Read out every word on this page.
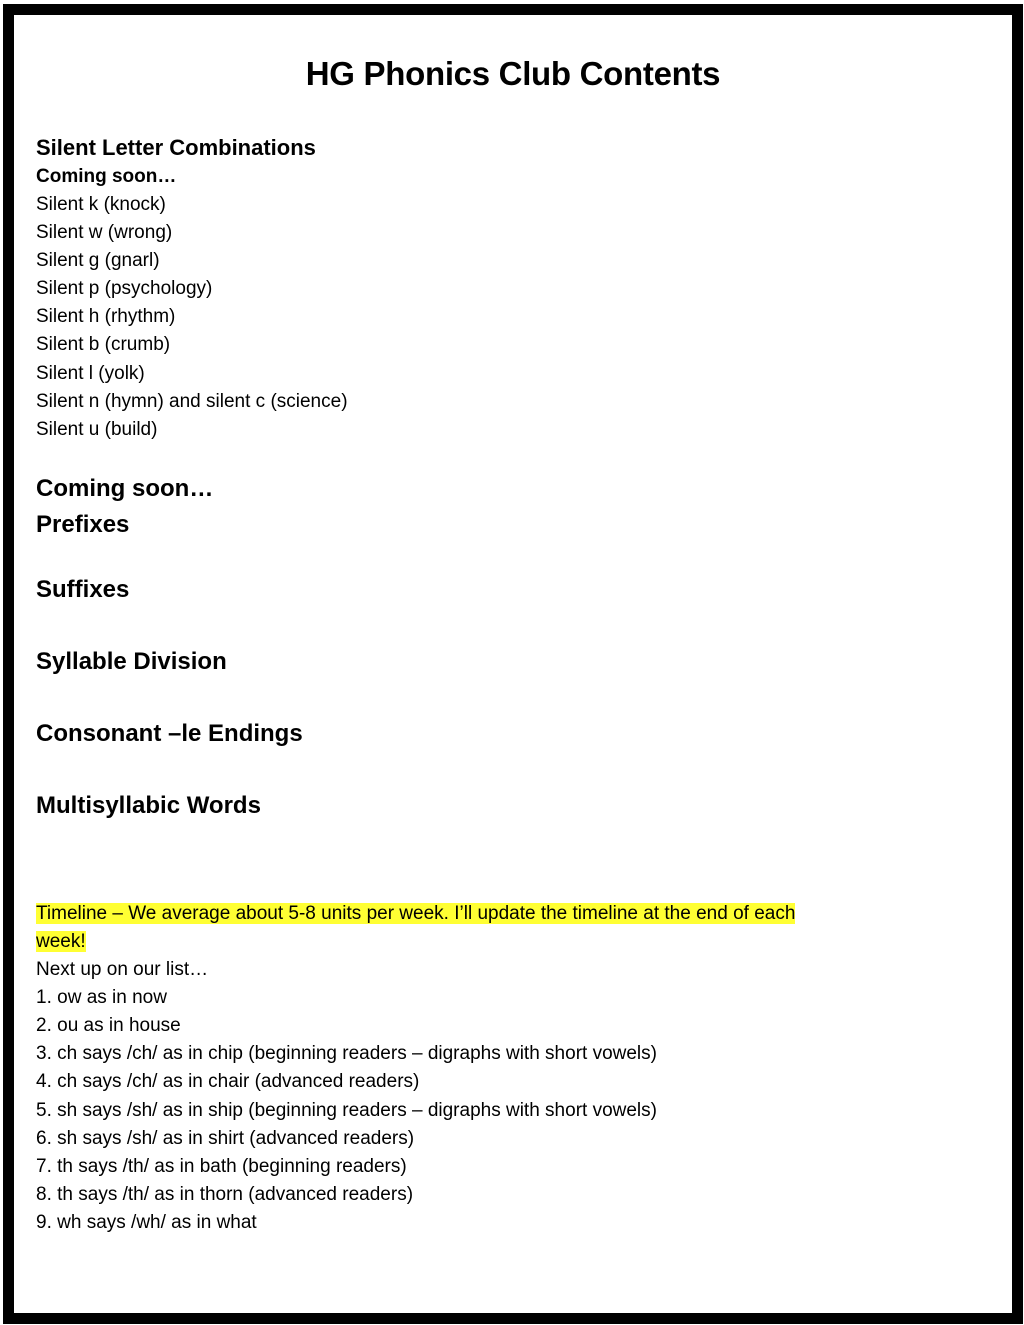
HG Phonics Club Contents
Silent Letter Combinations
Coming soon…
Silent k (knock)
Silent w (wrong)
Silent g (gnarl)
Silent p (psychology)
Silent h (rhythm)
Silent b (crumb)
Silent l (yolk)
Silent n (hymn) and silent c (science)
Silent u (build)
Coming soon…
Prefixes
Suffixes
Syllable Division
Consonant –le Endings
Multisyllabic Words
Timeline – We average about 5-8 units per week. I’ll update the timeline at the end of each
week!
Next up on our list…
1. ow as in now
2. ou as in house
3. ch says /ch/ as in chip (beginning readers – digraphs with short vowels)
4. ch says /ch/ as in chair (advanced readers)
5. sh says /sh/ as in ship (beginning readers – digraphs with short vowels)
6. sh says /sh/ as in shirt (advanced readers)
7. th says /th/ as in bath (beginning readers)
8. th says /th/ as in thorn (advanced readers)
9. wh says /wh/ as in what
